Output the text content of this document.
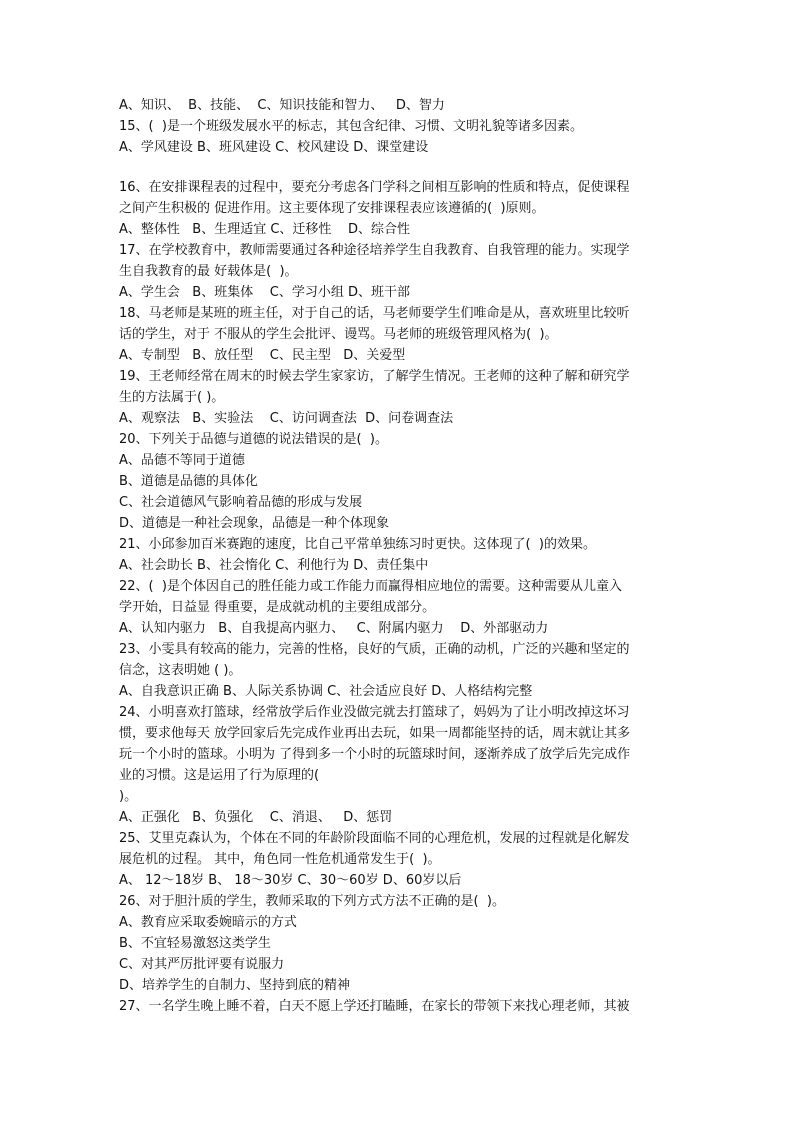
A、知识、  B、技能、  C、知识技能和智力、   D、智力
15、(  )是一个班级发展水平的标志，其包含纪律、习惯、文明礼貌等诸多因素。
A、学风建设 B、班风建设 C、校风建设 D、课堂建设
16、在安排课程表的过程中，要充分考虑各门学科之间相互影响的性质和特点，促使课程
之间产生积极的 促进作用。这主要体现了安排课程表应该遵循的(  )原则。
A、整体性   B、生理适宜 C、迁移性    D、综合性
17、在学校教育中，教师需要通过各种途径培养学生自我教育、自我管理的能力。实现学
生自我教育的最 好载体是(  )。
A、学生会   B、班集体    C、学习小组 D、班干部
18、马老师是某班的班主任，对于自己的话，马老师要学生们唯命是从，喜欢班里比较听
话的学生，对于 不服从的学生会批评、谩骂。马老师的班级管理风格为(  )。
A、专制型   B、放任型    C、民主型   D、关爱型
19、王老师经常在周末的时候去学生家家访，了解学生情况。王老师的这种了解和研究学
生的方法属于( )。
A、观察法   B、实验法    C、访问调查法  D、问卷调查法
20、下列关于品德与道德的说法错误的是(  )。
A、品德不等同于道德
B、道德是品德的具体化
C、社会道德风气影响着品德的形成与发展
D、道德是一种社会现象，品德是一种个体现象
21、小邱参加百米赛跑的速度，比自己平常单独练习时更快。这体现了(  )的效果。
A、社会助长 B、社会惰化 C、利他行为 D、责任集中
22、(  )是个体因自己的胜任能力或工作能力而赢得相应地位的需要。这种需要从儿童入
学开始，日益显 得重要，是成就动机的主要组成部分。
A、认知内驱力   B、自我提高内驱力、   C、附属内驱力    D、外部驱动力
23、小雯具有较高的能力，完善的性格，良好的气质，正确的动机，广泛的兴趣和坚定的
信念，这表明她 ( )。
A、自我意识正确 B、人际关系协调 C、社会适应良好 D、人格结构完整
24、小明喜欢打篮球，经常放学后作业没做完就去打篮球了，妈妈为了让小明改掉这坏习
惯，要求他每天 放学回家后先完成作业再出去玩，如果一周都能坚持的话，周末就让其多
玩一个小时的篮球。小明为 了得到多一个小时的玩篮球时间，逐渐养成了放学后先完成作
业的习惯。这是运用了行为原理的(
)。
A、正强化   B、负强化    C、消退、   D、惩罚
25、艾里克森认为，个体在不同的年龄阶段面临不同的心理危机，发展的过程就是化解发
展危机的过程。 其中，角色同一性危机通常发生于(  )。
A、 12～18岁 B、 18～30岁 C、30～60岁 D、60岁以后
26、对于胆汁质的学生，教师采取的下列方式方法不正确的是(  )。
A、教育应采取委婉暗示的方式
B、不宜轻易激怒这类学生
C、对其严厉批评要有说服力
D、培养学生的自制力、坚持到底的精神
27、一名学生晚上睡不着，白天不愿上学还打瞌睡，在家长的带领下来找心理老师，其被
